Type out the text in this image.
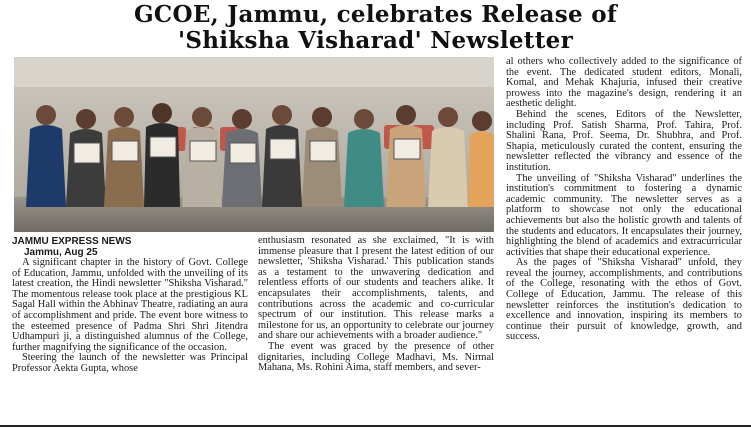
GCOE, Jammu, celebrates Release of
'Shiksha Visharad' Newsletter

JAMMU EXPRESS NEWS
Jammu, Aug 25

A significant chapter in the history of Govt. College of Education, Jammu, unfolded with the unveiling of its latest creation, the Hindi newsletter "Shiksha Visharad." The momentous release took place at the prestigious KL Sagal Hall within the Abhinav Theatre, radiating an aura of accomplishment and pride. The event bore witness to the esteemed presence of Padma Shri Shri Jitendra Udhampuri ji, a distinguished alumnus of the College, further magnifying the significance of the occasion.

Steering the launch of the newsletter was Principal Professor Aekta Gupta, whose

enthusiasm resonated as she exclaimed, "It is with immense pleasure that I present the latest edition of our newsletter, 'Shiksha Visharad.' This publication stands as a testament to the unwavering dedication and relentless efforts of our students and teachers alike. It encapsulates their accomplishments, talents, and contributions across the academic and co-curricular spectrum of our institution. This release marks a milestone for us, an opportunity to celebrate our journey and share our achievements with a broader audience."

The event was graced by the presence of other dignitaries, including College Madhavi, Ms. Nirmal Mahana, Ms. Rohini Aima, staff members, and sever-

al others who collectively added to the significance of the event. The dedicated student editors, Monali, Komal, and Mehak Khajuria, infused their creative prowess into the magazine's design, rendering it an aesthetic delight.

Behind the scenes, Editors of the Newsletter, including Prof. Satish Sharma, Prof. Tahira, Prof. Shalini Rana, Prof. Seema, Dr. Shubhra, and Prof. Shapia, meticulously curated the content, ensuring the newsletter reflected the vibrancy and essence of the institution.

The unveiling of "Shiksha Visharad" underlines the institution's commitment to fostering a dynamic academic community. The newsletter serves as a platform to showcase not only the educational achievements but also the holistic growth and talents of the students and educators. It encapsulates their journey, highlighting the blend of academics and extracurricular activities that shape their educational experience.

As the pages of "Shiksha Visharad" unfold, they reveal the journey, accomplishments, and contributions of the College, resonating with the ethos of Govt. College of Education, Jammu. The release of this newsletter reinforces the institution's dedication to excellence and innovation, inspiring its members to continue their pursuit of knowledge, growth, and success.
